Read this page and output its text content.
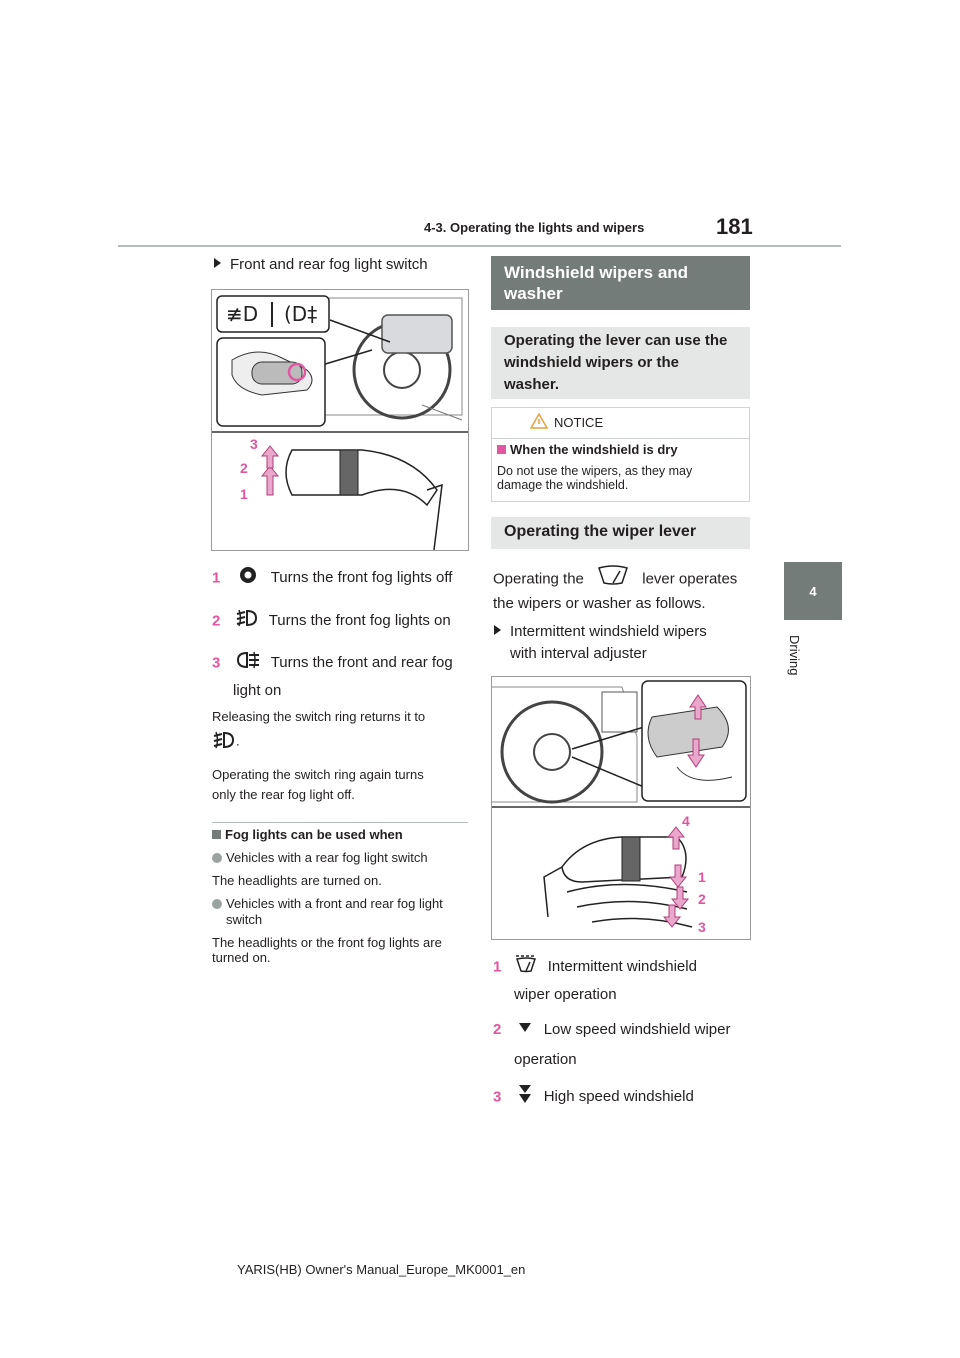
181
4-3. Operating the lights and wipers
4
Driving
Front and rear fog light switch
≢D (D‡
3
2
1
1	Turns the front fog lights off
2	Turns the front fog lights on
3	Turns the front and rear fog
light on
Releasing the switch ring returns it to
.
Operating the switch ring again turns
only the rear fog light off.
Fog lights can be used when
Vehicles with a rear fog light switch
The headlights are turned on.
Vehicles with a front and rear fog light
switch
The headlights or the front fog lights are
turned on.
Windshield wipers and
washer
Operating the lever can use the
windshield wipers or the
washer.
NOTICE
When the windshield is dry
Do not use the wipers, as they may
damage the windshield.
Operating the wiper lever
Operating the	lever operates
the wipers or washer as follows.
Intermittent windshield wipers
with interval adjuster
4
1
2
3
1	Intermittent windshield
wiper operation
2	Low speed windshield wiper
operation
3	High speed windshield
YARIS(HB) Owner's Manual_Europe_MK0001_en
